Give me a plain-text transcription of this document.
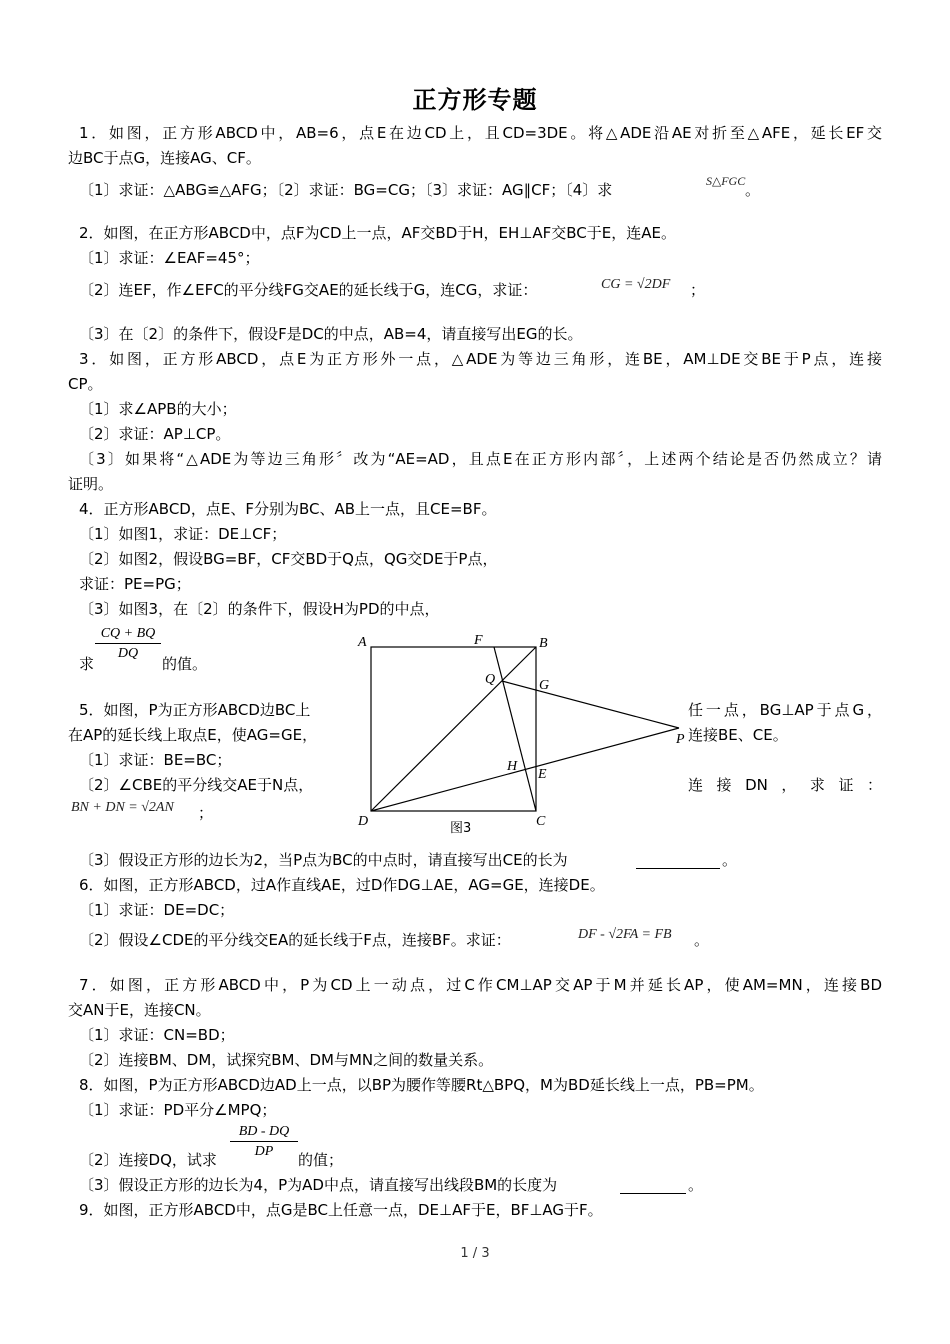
正方形专题
1．如图，正方形ABCD中，AB=6，点E在边CD上，且CD=3DE。将△ADE沿AE对折至△AFE，延长EF交
边BC于点G，连接AG、CF。
〔1〕求证：△ABG≌△AFG；〔2〕求证：BG=CG；〔3〕求证：AG∥CF；〔4〕求	。
2．如图，在正方形ABCD中，点F为CD上一点，AF交BD于H，EH⊥AF交BC于E，连AE。
〔1〕求证：∠EAF=45°；
〔2〕连EF，作∠EFC的平分线FG交AE的延长线于G，连CG，求证：	；
〔3〕在〔2〕的条件下，假设F是DC的中点，AB=4，请直接写出EG的长。
3．如图，正方形ABCD，点E为正方形外一点，△ADE为等边三角形，连BE，AM⊥DE交BE于P点，连接
CP。
〔1〕求∠APB的大小；
〔2〕求证：AP⊥CP。
〔3〕如果将“△ADE为等边三角形〞改为“AE=AD，且点E在正方形内部〞，上述两个结论是否仍然成立？请
证明。
4．正方形ABCD，点E、F分别为BC、AB上一点，且CE=BF。
〔1〕如图1，求证：DE⊥CF；
〔2〕如图2，假设BG=BF，CF交BD于Q点，QG交DE于P点，
求证：PE=PG；
〔3〕如图3，在〔2〕的条件下，假设H为PD的中点，
求	的值。
5．如图，P为正方形ABCD边BC上	任一点，BG⊥AP于点G，
在AP的延长线上取点E，使AG=GE，	连接BE、CE。
〔1〕求证：BE=BC；
〔2〕∠CBE的平分线交AE于N点，	连接DN，求证：
；
〔3〕假设正方形的边长为2，当P点为BC的中点时，请直接写出CE的长为	。
6．如图，正方形ABCD，过A作直线AE，过D作DG⊥AE，AG=GE，连接DE。
〔1〕求证：DE=DC；
〔2〕假设∠CDE的平分线交EA的延长线于F点，连接BF。求证：	。
7．如图，正方形ABCD中，P为CD上一动点，过C作CM⊥AP交AP于M并延长AP，使AM=MN，连接BD
交AN于E，连接CN。
〔1〕求证：CN=BD；
〔2〕连接BM、DM，试探究BM、DM与MN之间的数量关系。
8．如图，P为正方形ABCD边AD上一点，以BP为腰作等腰Rt△BPQ，M为BD延长线上一点，PB=PM。
〔1〕求证：PD平分∠MPQ；
〔2〕连接DQ，试求	的值；
〔3〕假设正方形的边长为4，P为AD中点，请直接写出线段BM的长度为	。
9．如图，正方形ABCD中，点G是BC上任意一点，DE⊥AF于E，BF⊥AG于F。
S△FGC
CG = √2DF
$\frac{CQ + BQ}{DQ}$
BN + DN = √2AN
DF - √2FA = FB
$\frac{BD - DQ}{DP}$
A	F	B
Q	G
P
H
E
D	C
图3
1 / 3
